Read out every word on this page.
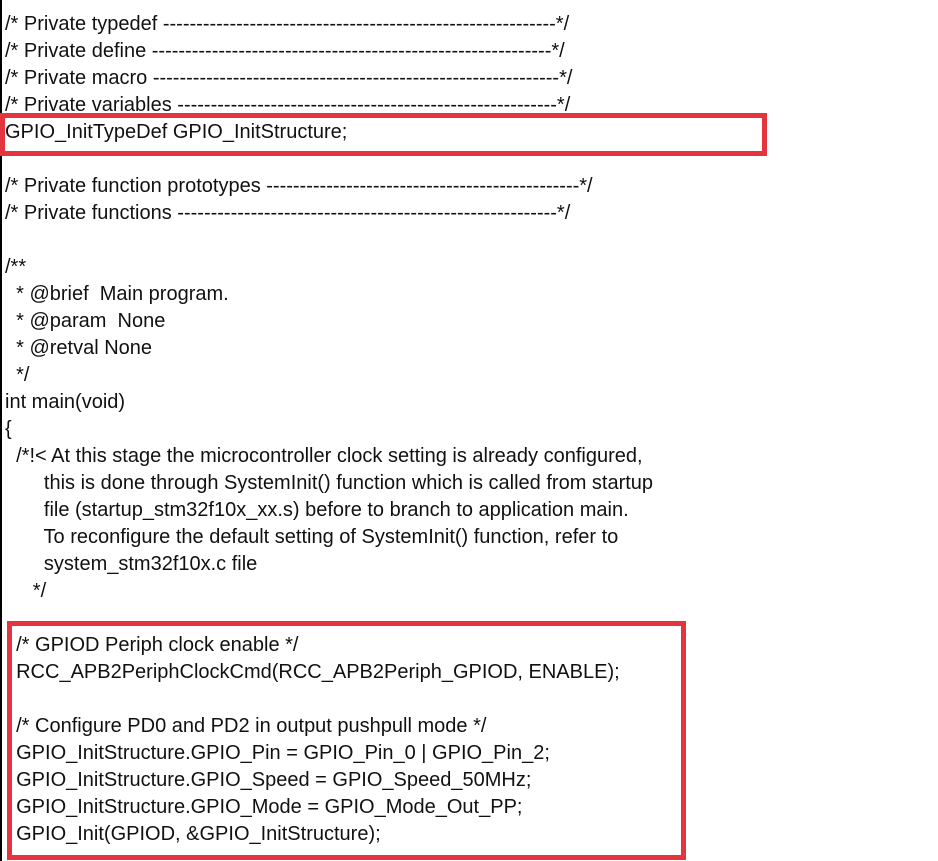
/* Private typedef -----------------------------------------------------------*/
/* Private define ------------------------------------------------------------*/
/* Private macro -------------------------------------------------------------*/
/* Private variables ---------------------------------------------------------*/
GPIO_InitTypeDef GPIO_InitStructure;
/* Private function prototypes -----------------------------------------------*/
/* Private functions ---------------------------------------------------------*/
/**
* @brief  Main program.
* @param  None
* @retval None
*/
int main(void)
{
/*!< At this stage the microcontroller clock setting is already configured,
this is done through SystemInit() function which is called from startup
file (startup_stm32f10x_xx.s) before to branch to application main.
To reconfigure the default setting of SystemInit() function, refer to
system_stm32f10x.c file
*/
/* GPIOD Periph clock enable */
RCC_APB2PeriphClockCmd(RCC_APB2Periph_GPIOD, ENABLE);
/* Configure PD0 and PD2 in output pushpull mode */
GPIO_InitStructure.GPIO_Pin = GPIO_Pin_0 | GPIO_Pin_2;
GPIO_InitStructure.GPIO_Speed = GPIO_Speed_50MHz;
GPIO_InitStructure.GPIO_Mode = GPIO_Mode_Out_PP;
GPIO_Init(GPIOD, &GPIO_InitStructure);
